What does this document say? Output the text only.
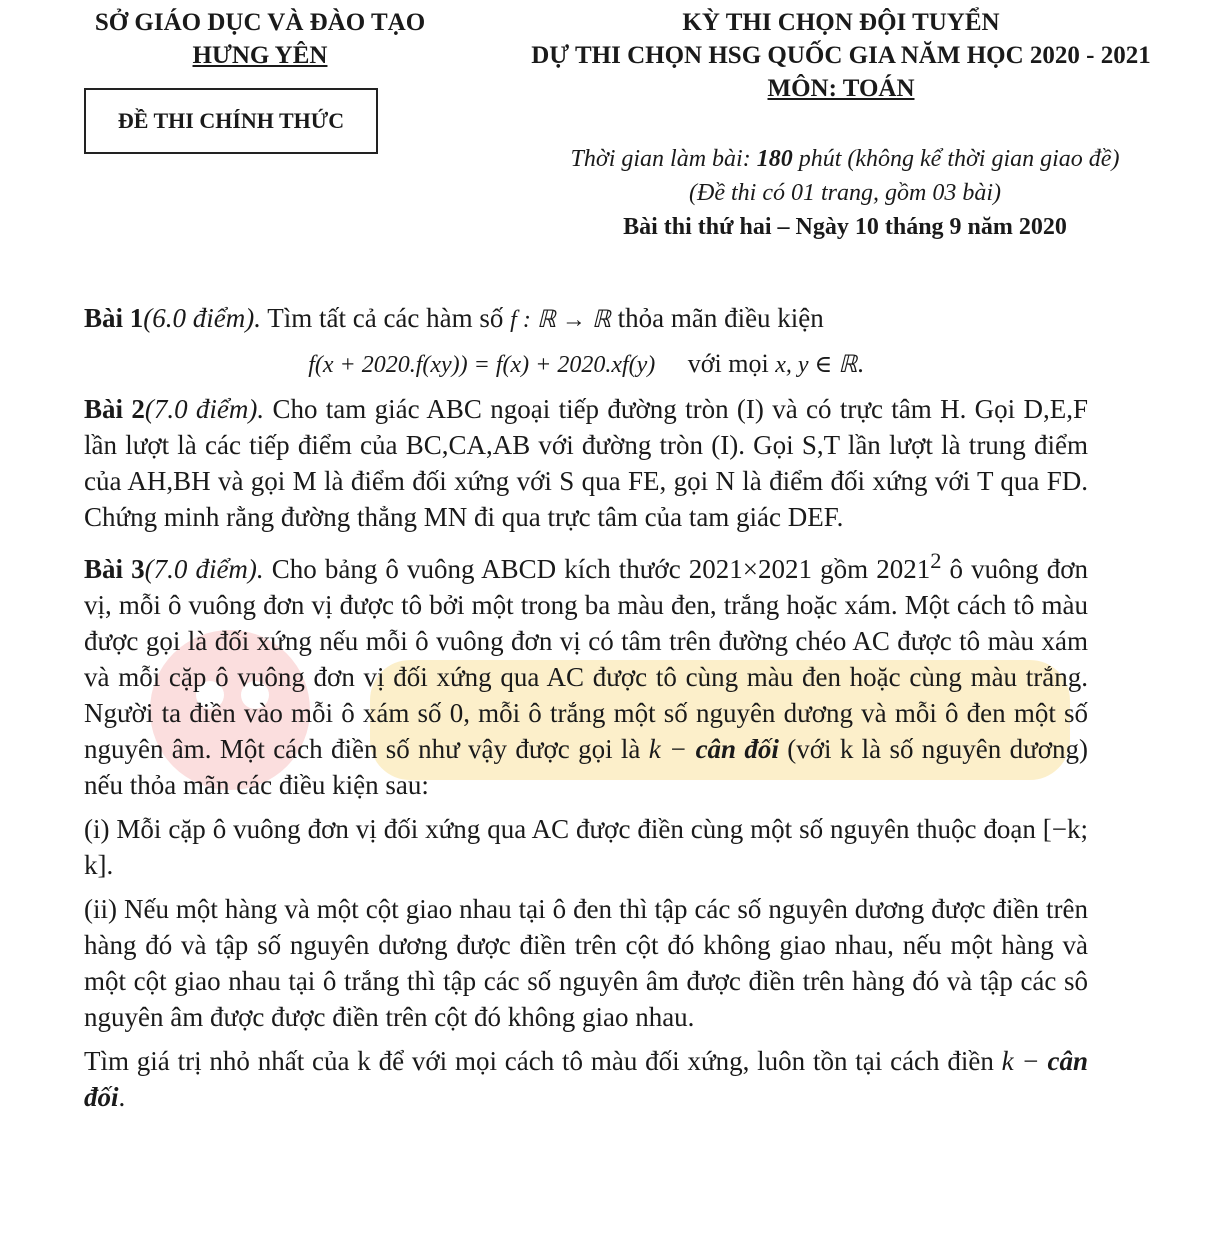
SỞ GIÁO DỤC VÀ ĐÀO TẠO
HƯNG YÊN
ĐỀ THI CHÍNH THỨC
KỲ THI CHỌN ĐỘI TUYỂN
DỰ THI CHỌN HSG QUỐC GIA NĂM HỌC 2020 - 2021
MÔN: TOÁN
Thời gian làm bài: 180 phút (không kể thời gian giao đề)
(Đề thi có 01 trang, gồm 03 bài)
Bài thi thứ hai – Ngày 10 tháng 9 năm 2020

Bài 1(6.0 điểm). Tìm tất cả các hàm số f : ℝ → ℝ thỏa mãn điều kiện

f(x + 2020.f(xy)) = f(x) + 2020.xf(y) với mọi x, y ∈ ℝ.

Bài 2(7.0 điểm). Cho tam giác ABC ngoại tiếp đường tròn (I) và có trực tâm H. Gọi D,E,F lần lượt là các tiếp điểm của BC,CA,AB với đường tròn (I). Gọi S,T lần lượt là trung điểm của AH,BH và gọi M là điểm đối xứng với S qua FE, gọi N là điểm đối xứng với T qua FD. Chứng minh rằng đường thẳng MN đi qua trực tâm của tam giác DEF.

Bài 3(7.0 điểm). Cho bảng ô vuông ABCD kích thước 2021×2021 gồm 2021$^2$ ô vuông đơn vị, mỗi ô vuông đơn vị được tô bởi một trong ba màu đen, trắng hoặc xám. Một cách tô màu được gọi là đối xứng nếu mỗi ô vuông đơn vị có tâm trên đường chéo AC được tô màu xám và mỗi cặp ô vuông đơn vị đối xứng qua AC được tô cùng màu đen hoặc cùng màu trắng. Người ta điền vào mỗi ô xám số 0, mỗi ô trắng một số nguyên dương và mỗi ô đen một số nguyên âm. Một cách điền số như vậy được gọi là k − cân đối (với k là số nguyên dương) nếu thỏa mãn các điều kiện sau:

(i) Mỗi cặp ô vuông đơn vị đối xứng qua AC được điền cùng một số nguyên thuộc đoạn [−k; k].

(ii) Nếu một hàng và một cột giao nhau tại ô đen thì tập các số nguyên dương được điền trên hàng đó và tập số nguyên dương được điền trên cột đó không giao nhau, nếu một hàng và một cột giao nhau tại ô trắng thì tập các số nguyên âm được điền trên hàng đó và tập các sô nguyên âm được được điền trên cột đó không giao nhau.

Tìm giá trị nhỏ nhất của k để với mọi cách tô màu đối xứng, luôn tồn tại cách điền k − cân đối.
